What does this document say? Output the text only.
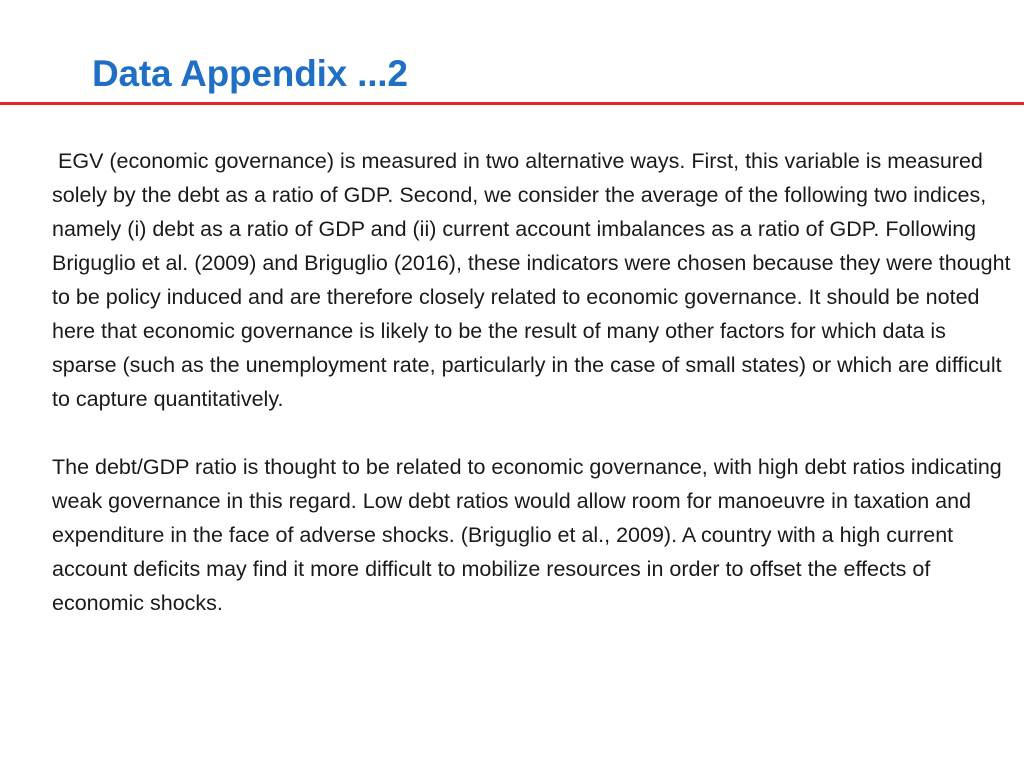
Data Appendix ...2

EGV (economic governance) is measured in two alternative ways. First, this variable is measured solely by the debt as a ratio of GDP. Second, we consider the average of the following two indices, namely (i) debt as a ratio of GDP and (ii) current account imbalances as a ratio of GDP. Following Briguglio et al. (2009) and Briguglio (2016), these indicators were chosen because they were thought to be policy induced and are therefore closely related to economic governance. It should be noted here that economic governance is likely to be the result of many other factors for which data is sparse (such as the unemployment rate, particularly in the case of small states) or which are difficult to capture quantitatively.

The debt/GDP ratio is thought to be related to economic governance, with high debt ratios indicating weak governance in this regard. Low debt ratios would allow room for manoeuvre in taxation and expenditure in the face of adverse shocks. (Briguglio et al., 2009). A country with a high current account deficits may find it more difficult to mobilize resources in order to offset the effects of economic shocks.
